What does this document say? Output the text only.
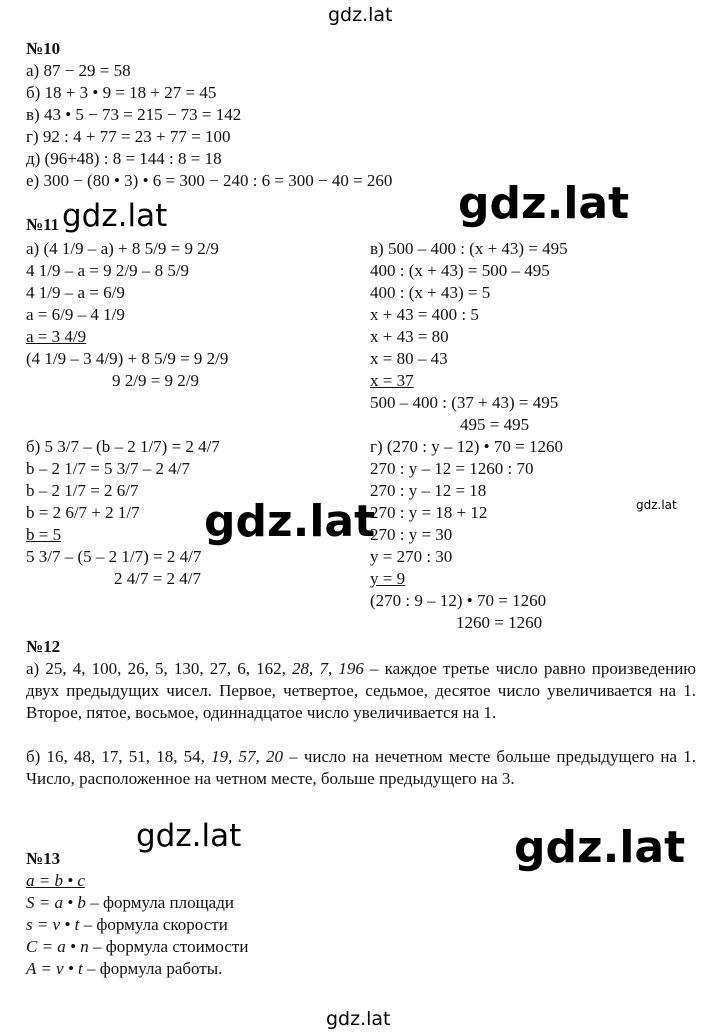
gdz.lat
№10
а) 87 − 29 = 58
б) 18 + 3 • 9 = 18 + 27 = 45
в) 43 • 5 − 73 = 215 − 73 = 142
г) 92 : 4 + 77 = 23 + 77 = 100
д) (96+48) : 8 = 144 : 8 = 18
е) 300 − (80 • 3) • 6 = 300 − 240 : 6 = 300 − 40 = 260 gdz.lat
№11 gdz.lat
а) (4 1/9 – a) + 8 5/9 = 9 2/9
4 1/9 – a = 9 2/9 – 8 5/9
4 1/9 – a = 6/9
a = 6/9 – 4 1/9
a = 3 4/9
(4 1/9 – 3 4/9) + 8 5/9 = 9 2/9
9 2/9 = 9 2/9
в) 500 – 400 : (x + 43) = 495
400 : (x + 43) = 500 – 495
400 : (x + 43) = 5
x + 43 = 400 : 5
x + 43 = 80
x = 80 – 43
x = 37
500 – 400 : (37 + 43) = 495
495 = 495
б) 5 3/7 – (b – 2 1/7) = 2 4/7
b – 2 1/7 = 5 3/7 – 2 4/7
b – 2 1/7 = 2 6/7
b = 2 6/7 + 2 1/7
b = 5
5 3/7 – (5 – 2 1/7) = 2 4/7
2 4/7 = 2 4/7
г) (270 : y – 12) • 70 = 1260
270 : y – 12 = 1260 : 70
270 : y – 12 = 18
270 : y = 18 + 12
270 : y = 30
y = 270 : 30
y = 9
(270 : 9 – 12) • 70 = 1260
1260 = 1260
gdz.lat
gdz.lat
№12
а) 25, 4, 100, 26, 5, 130, 27, 6, 162, 28, 7, 196 – каждое третье число равно произведению двух предыдущих чисел. Первое, четвертое, седьмое, десятое число увеличивается на 1. Второе, пятое, восьмое, одиннадцатое число увеличивается на 1.
б) 16, 48, 17, 51, 18, 54, 19, 57, 20 – число на нечетном месте больше предыдущего на 1. Число, расположенное на четном месте, больше предыдущего на 3.
gdz.lat	gdz.lat
№13
a = b • c
S = a • b – формула площади
s = v • t – формула скорости
C = a • n – формула стоимости
A = v • t – формула работы.
gdz.lat
